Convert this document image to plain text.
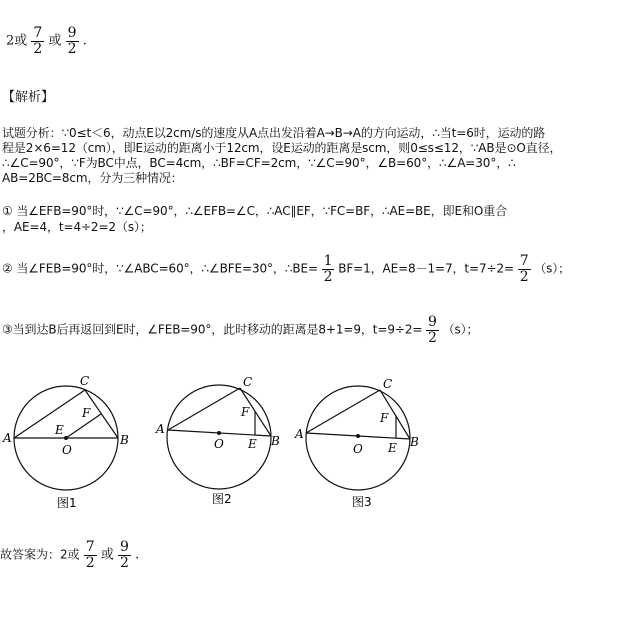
2或 $\frac{7}{2}$ 或 $\frac{9}{2}$ .
【解析】
试题分析：∵0≤t＜6，动点E以2cm/s的速度从A点出发沿着A→B→A的方向运动，∴当t=6时，运动的路
程是2×6=12（cm），即E运动的距离小于12cm，设E运动的距离是scm，则0≤s≤12，∵AB是⊙O直径，
∴∠C=90°，∵F为BC中点，BC=4cm，∴BF=CF=2cm，∵∠C=90°，∠B=60°，∴∠A=30°，∴
AB=2BC=8cm，分为三种情况：
① 当∠EFB=90°时，∵∠C=90°，∴∠EFB=∠C，∴AC∥EF，∵FC=BF，∴AE=BE，即E和O重合
，AE=4，t=4÷2=2（s）；
② 当∠FEB=90°时，∵∠ABC=60°，∴∠BFE=30°，∴BE= $\frac{1}{2} BF=1$，AE=8－1=7，$t=7\div 2= \frac{7}{2} (s)$；
③当到达B后再返回到E时，∠FEB=90°，此时移动的距离是8+1=9，$t=9\div 2= \frac{9}{2} (s)$；
A	B
C
E
F
O
图1
A
B
C
E
F
O
图2
A
B
C
E
F
O
图3
故答案为：2或 $\frac{7}{2}$ 或 $\frac{9}{2}$ .
